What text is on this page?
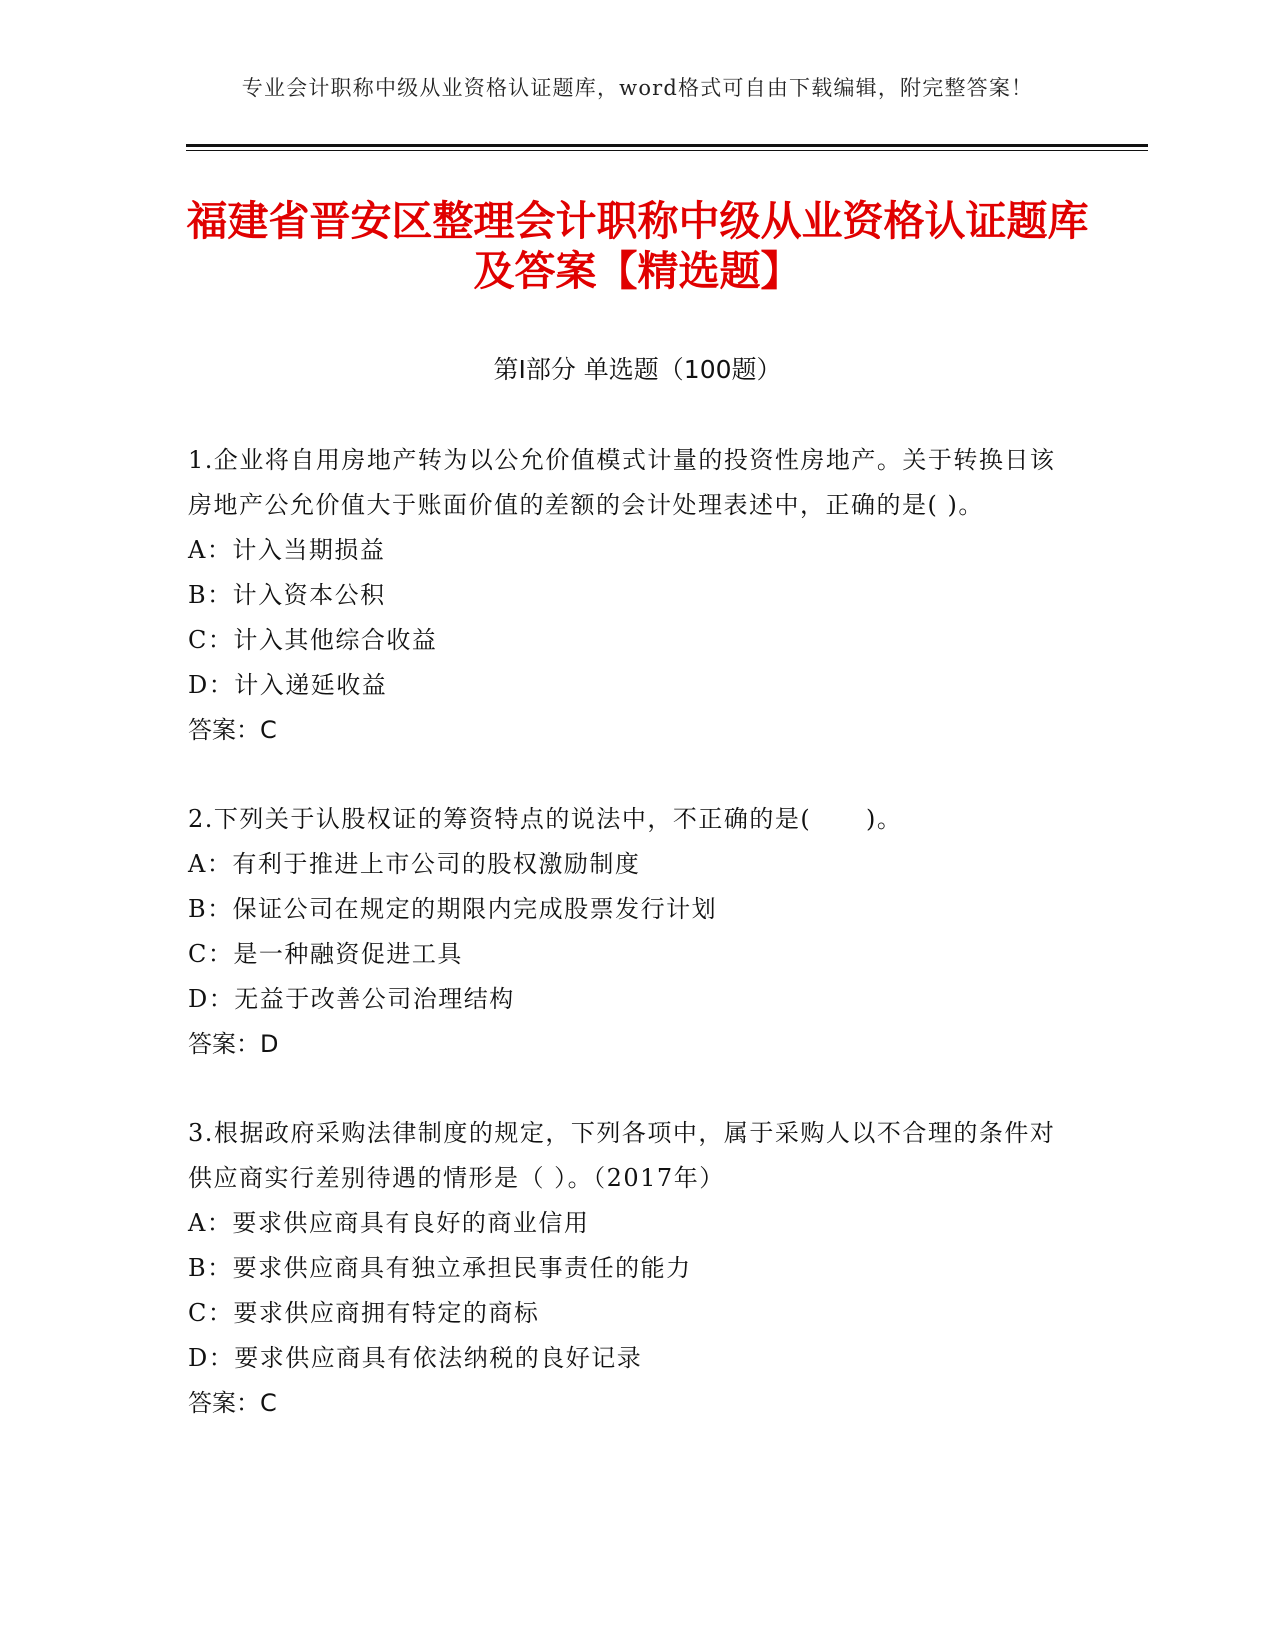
专业会计职称中级从业资格认证题库，word格式可自由下载编辑，附完整答案！
福建省晋安区整理会计职称中级从业资格认证题库及答案【精选题】
第Ⅰ部分 单选题（100题）
1.企业将自用房地产转为以公允价值模式计量的投资性房地产。关于转换日该房地产公允价值大于账面价值的差额的会计处理表述中，正确的是( )。
A：计入当期损益
B：计入资本公积
C：计入其他综合收益
D：计入递延收益
答案：C
2.下列关于认股权证的筹资特点的说法中，不正确的是(      )。
A：有利于推进上市公司的股权激励制度
B：保证公司在规定的期限内完成股票发行计划
C：是一种融资促进工具
D：无益于改善公司治理结构
答案：D
3.根据政府采购法律制度的规定，下列各项中，属于采购人以不合理的条件对供应商实行差别待遇的情形是（ ）。（2017年）
A：要求供应商具有良好的商业信用
B：要求供应商具有独立承担民事责任的能力
C：要求供应商拥有特定的商标
D：要求供应商具有依法纳税的良好记录
答案：C
